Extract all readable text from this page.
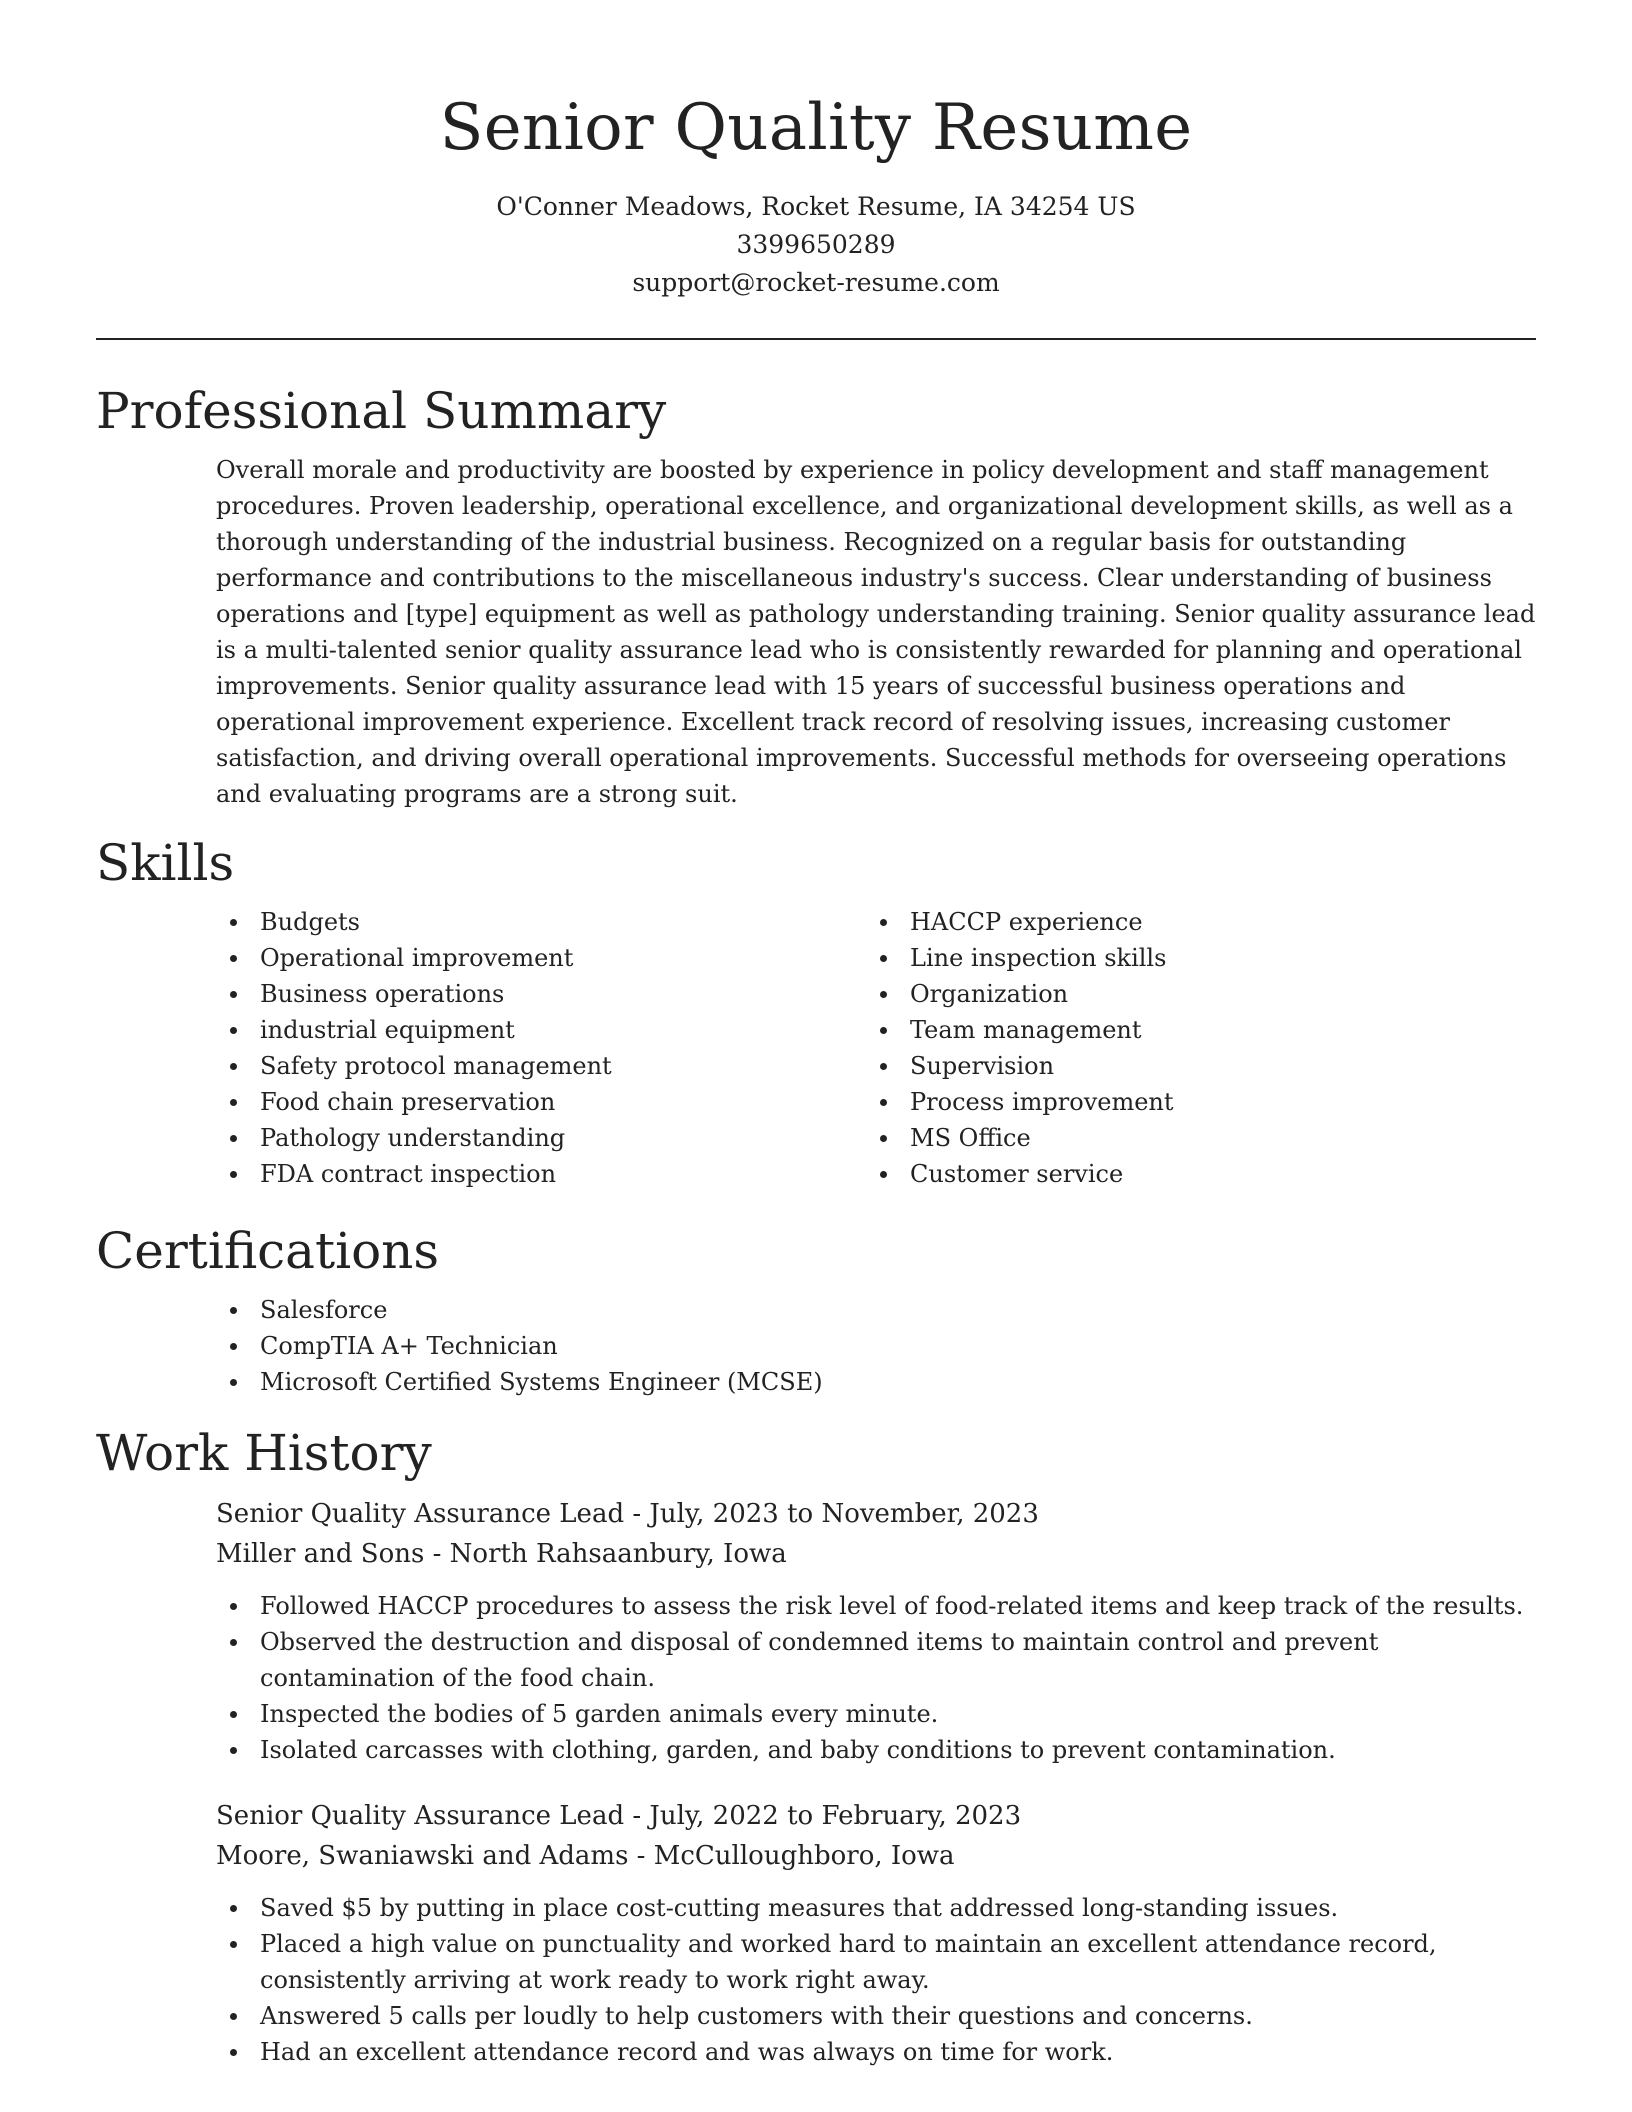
Senior Quality Resume
O'Conner Meadows, Rocket Resume, IA 34254 US
3399650289
support@rocket-resume.com
Professional Summary

Overall morale and productivity are boosted by experience in policy development and staff management procedures. Proven leadership, operational excellence, and organizational development skills, as well as a thorough understanding of the industrial business. Recognized on a regular basis for outstanding performance and contributions to the miscellaneous industry's success. Clear understanding of business operations and [type] equipment as well as pathology understanding training. Senior quality assurance lead is a multi-talented senior quality assurance lead who is consistently rewarded for planning and operational improvements. Senior quality assurance lead with 15 years of successful business operations and operational improvement experience. Excellent track record of resolving issues, increasing customer satisfaction, and driving overall operational improvements. Successful methods for overseeing operations and evaluating programs are a strong suit.

Skills
Budgets
Operational improvement
Business operations
industrial equipment
Safety protocol management
Food chain preservation
Pathology understanding
FDA contract inspection
HACCP experience
Line inspection skills
Organization
Team management
Supervision
Process improvement
MS Office
Customer service
Certifications
Salesforce
CompTIA A+ Technician
Microsoft Certified Systems Engineer (MCSE)
Work History
Senior Quality Assurance Lead - July, 2023 to November, 2023
Miller and Sons - North Rahsaanbury, Iowa
Followed HACCP procedures to assess the risk level of food-related items and keep track of the results.
Observed the destruction and disposal of condemned items to maintain control and prevent contamination of the food chain.
Inspected the bodies of 5 garden animals every minute.
Isolated carcasses with clothing, garden, and baby conditions to prevent contamination.
Senior Quality Assurance Lead - July, 2022 to February, 2023
Moore, Swaniawski and Adams - McCulloughboro, Iowa
Saved $5 by putting in place cost-cutting measures that addressed long-standing issues.
Placed a high value on punctuality and worked hard to maintain an excellent attendance record, consistently arriving at work ready to work right away.
Answered 5 calls per loudly to help customers with their questions and concerns.
Had an excellent attendance record and was always on time for work.
